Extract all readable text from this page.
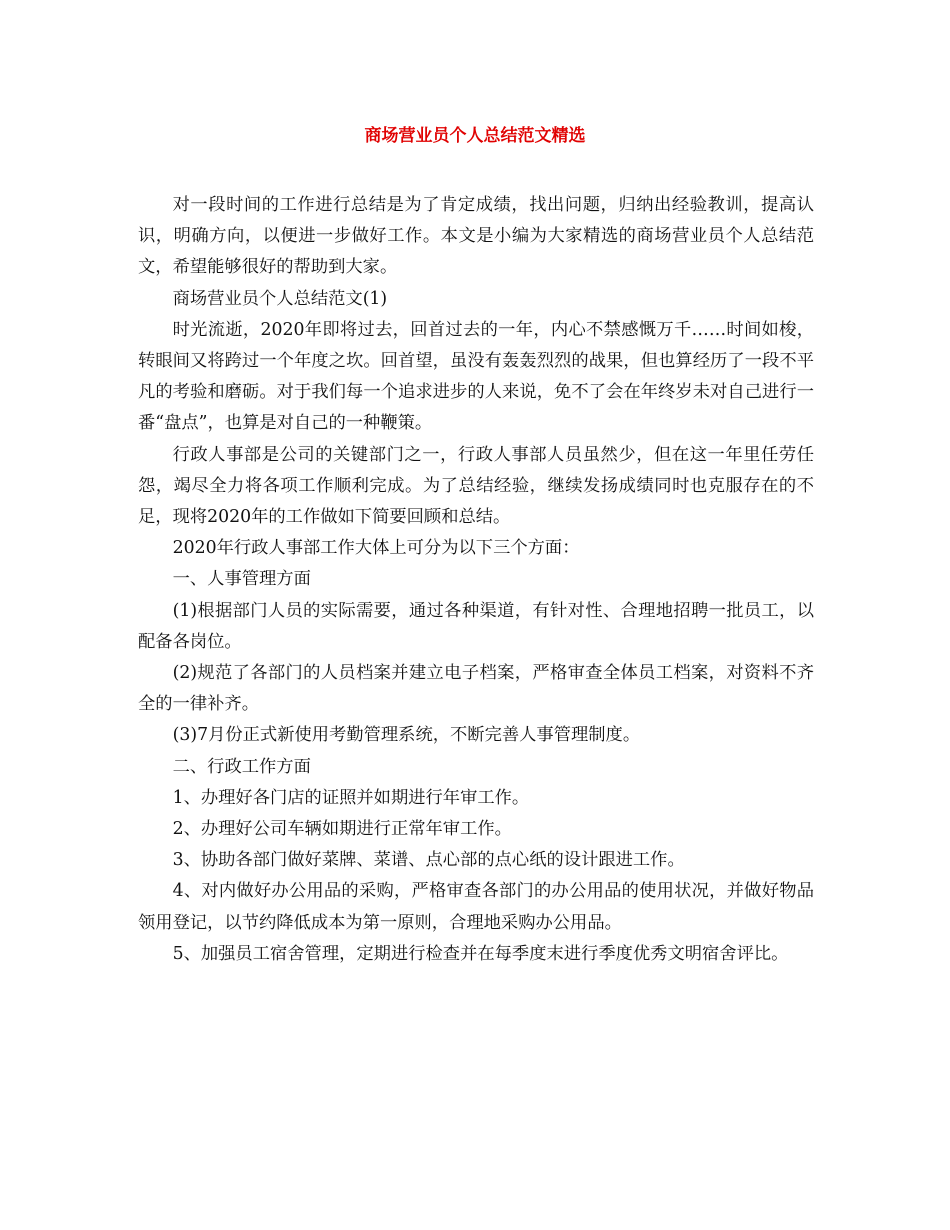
商场营业员个人总结范文精选

对一段时间的工作进行总结是为了肯定成绩，找出问题，归纳出经验教训，提高认识，明确方向，以便进一步做好工作。本文是小编为大家精选的商场营业员个人总结范文，希望能够很好的帮助到大家。

商场营业员个人总结范文(1)

时光流逝，2020年即将过去，回首过去的一年，内心不禁感慨万千……时间如梭，转眼间又将跨过一个年度之坎。回首望，虽没有轰轰烈烈的战果，但也算经历了一段不平凡的考验和磨砺。对于我们每一个追求进步的人来说，免不了会在年终岁未对自己进行一番“盘点”，也算是对自己的一种鞭策。

行政人事部是公司的关键部门之一，行政人事部人员虽然少，但在这一年里任劳任怨，竭尽全力将各项工作顺利完成。为了总结经验，继续发扬成绩同时也克服存在的不足，现将2020年的工作做如下简要回顾和总结。

2020年行政人事部工作大体上可分为以下三个方面：

一、人事管理方面

(1)根据部门人员的实际需要，通过各种渠道，有针对性、合理地招聘一批员工，以配备各岗位。

(2)规范了各部门的人员档案并建立电子档案，严格审查全体员工档案，对资料不齐全的一律补齐。

(3)7月份正式新使用考勤管理系统，不断完善人事管理制度。

二、行政工作方面

1、办理好各门店的证照并如期进行年审工作。

2、办理好公司车辆如期进行正常年审工作。

3、协助各部门做好菜牌、菜谱、点心部的点心纸的设计跟进工作。

4、对内做好办公用品的采购，严格审查各部门的办公用品的使用状况，并做好物品领用登记，以节约降低成本为第一原则，合理地采购办公用品。

5、加强员工宿舍管理，定期进行检查并在每季度末进行季度优秀文明宿舍评比。
